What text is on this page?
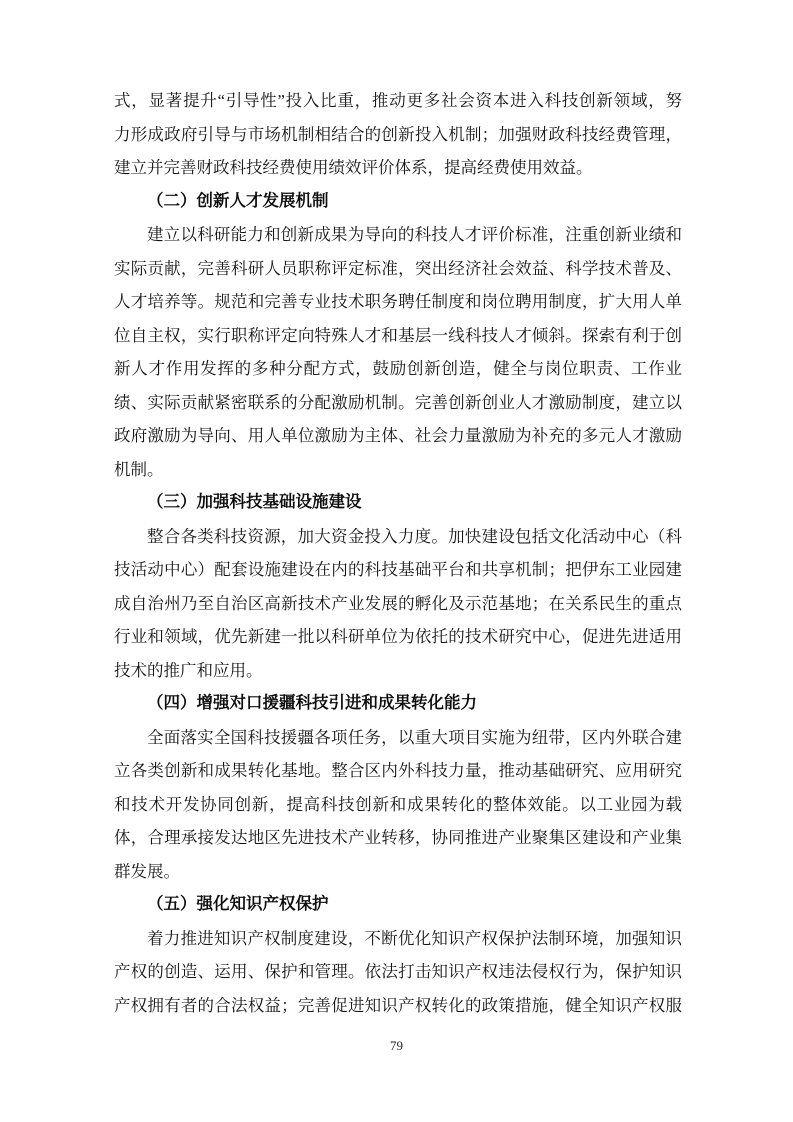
式，显著提升“引导性”投入比重，推动更多社会资本进入科技创新领域，努
力形成政府引导与市场机制相结合的创新投入机制；加强财政科技经费管理，
建立并完善财政科技经费使用绩效评价体系，提高经费使用效益。
（二）创新人才发展机制
建立以科研能力和创新成果为导向的科技人才评价标准，注重创新业绩和
实际贡献，完善科研人员职称评定标准，突出经济社会效益、科学技术普及、
人才培养等。规范和完善专业技术职务聘任制度和岗位聘用制度，扩大用人单
位自主权，实行职称评定向特殊人才和基层一线科技人才倾斜。探索有利于创
新人才作用发挥的多种分配方式，鼓励创新创造，健全与岗位职责、工作业
绩、实际贡献紧密联系的分配激励机制。完善创新创业人才激励制度，建立以
政府激励为导向、用人单位激励为主体、社会力量激励为补充的多元人才激励
机制。
（三）加强科技基础设施建设
整合各类科技资源，加大资金投入力度。加快建设包括文化活动中心（科
技活动中心）配套设施建设在内的科技基础平台和共享机制；把伊东工业园建
成自治州乃至自治区高新技术产业发展的孵化及示范基地；在关系民生的重点
行业和领域，优先新建一批以科研单位为依托的技术研究中心，促进先进适用
技术的推广和应用。
（四）增强对口援疆科技引进和成果转化能力
全面落实全国科技援疆各项任务，以重大项目实施为纽带，区内外联合建
立各类创新和成果转化基地。整合区内外科技力量，推动基础研究、应用研究
和技术开发协同创新，提高科技创新和成果转化的整体效能。以工业园为载
体，合理承接发达地区先进技术产业转移，协同推进产业聚集区建设和产业集
群发展。
（五）强化知识产权保护
着力推进知识产权制度建设，不断优化知识产权保护法制环境，加强知识
产权的创造、运用、保护和管理。依法打击知识产权违法侵权行为，保护知识
产权拥有者的合法权益；完善促进知识产权转化的政策措施，健全知识产权服
79
